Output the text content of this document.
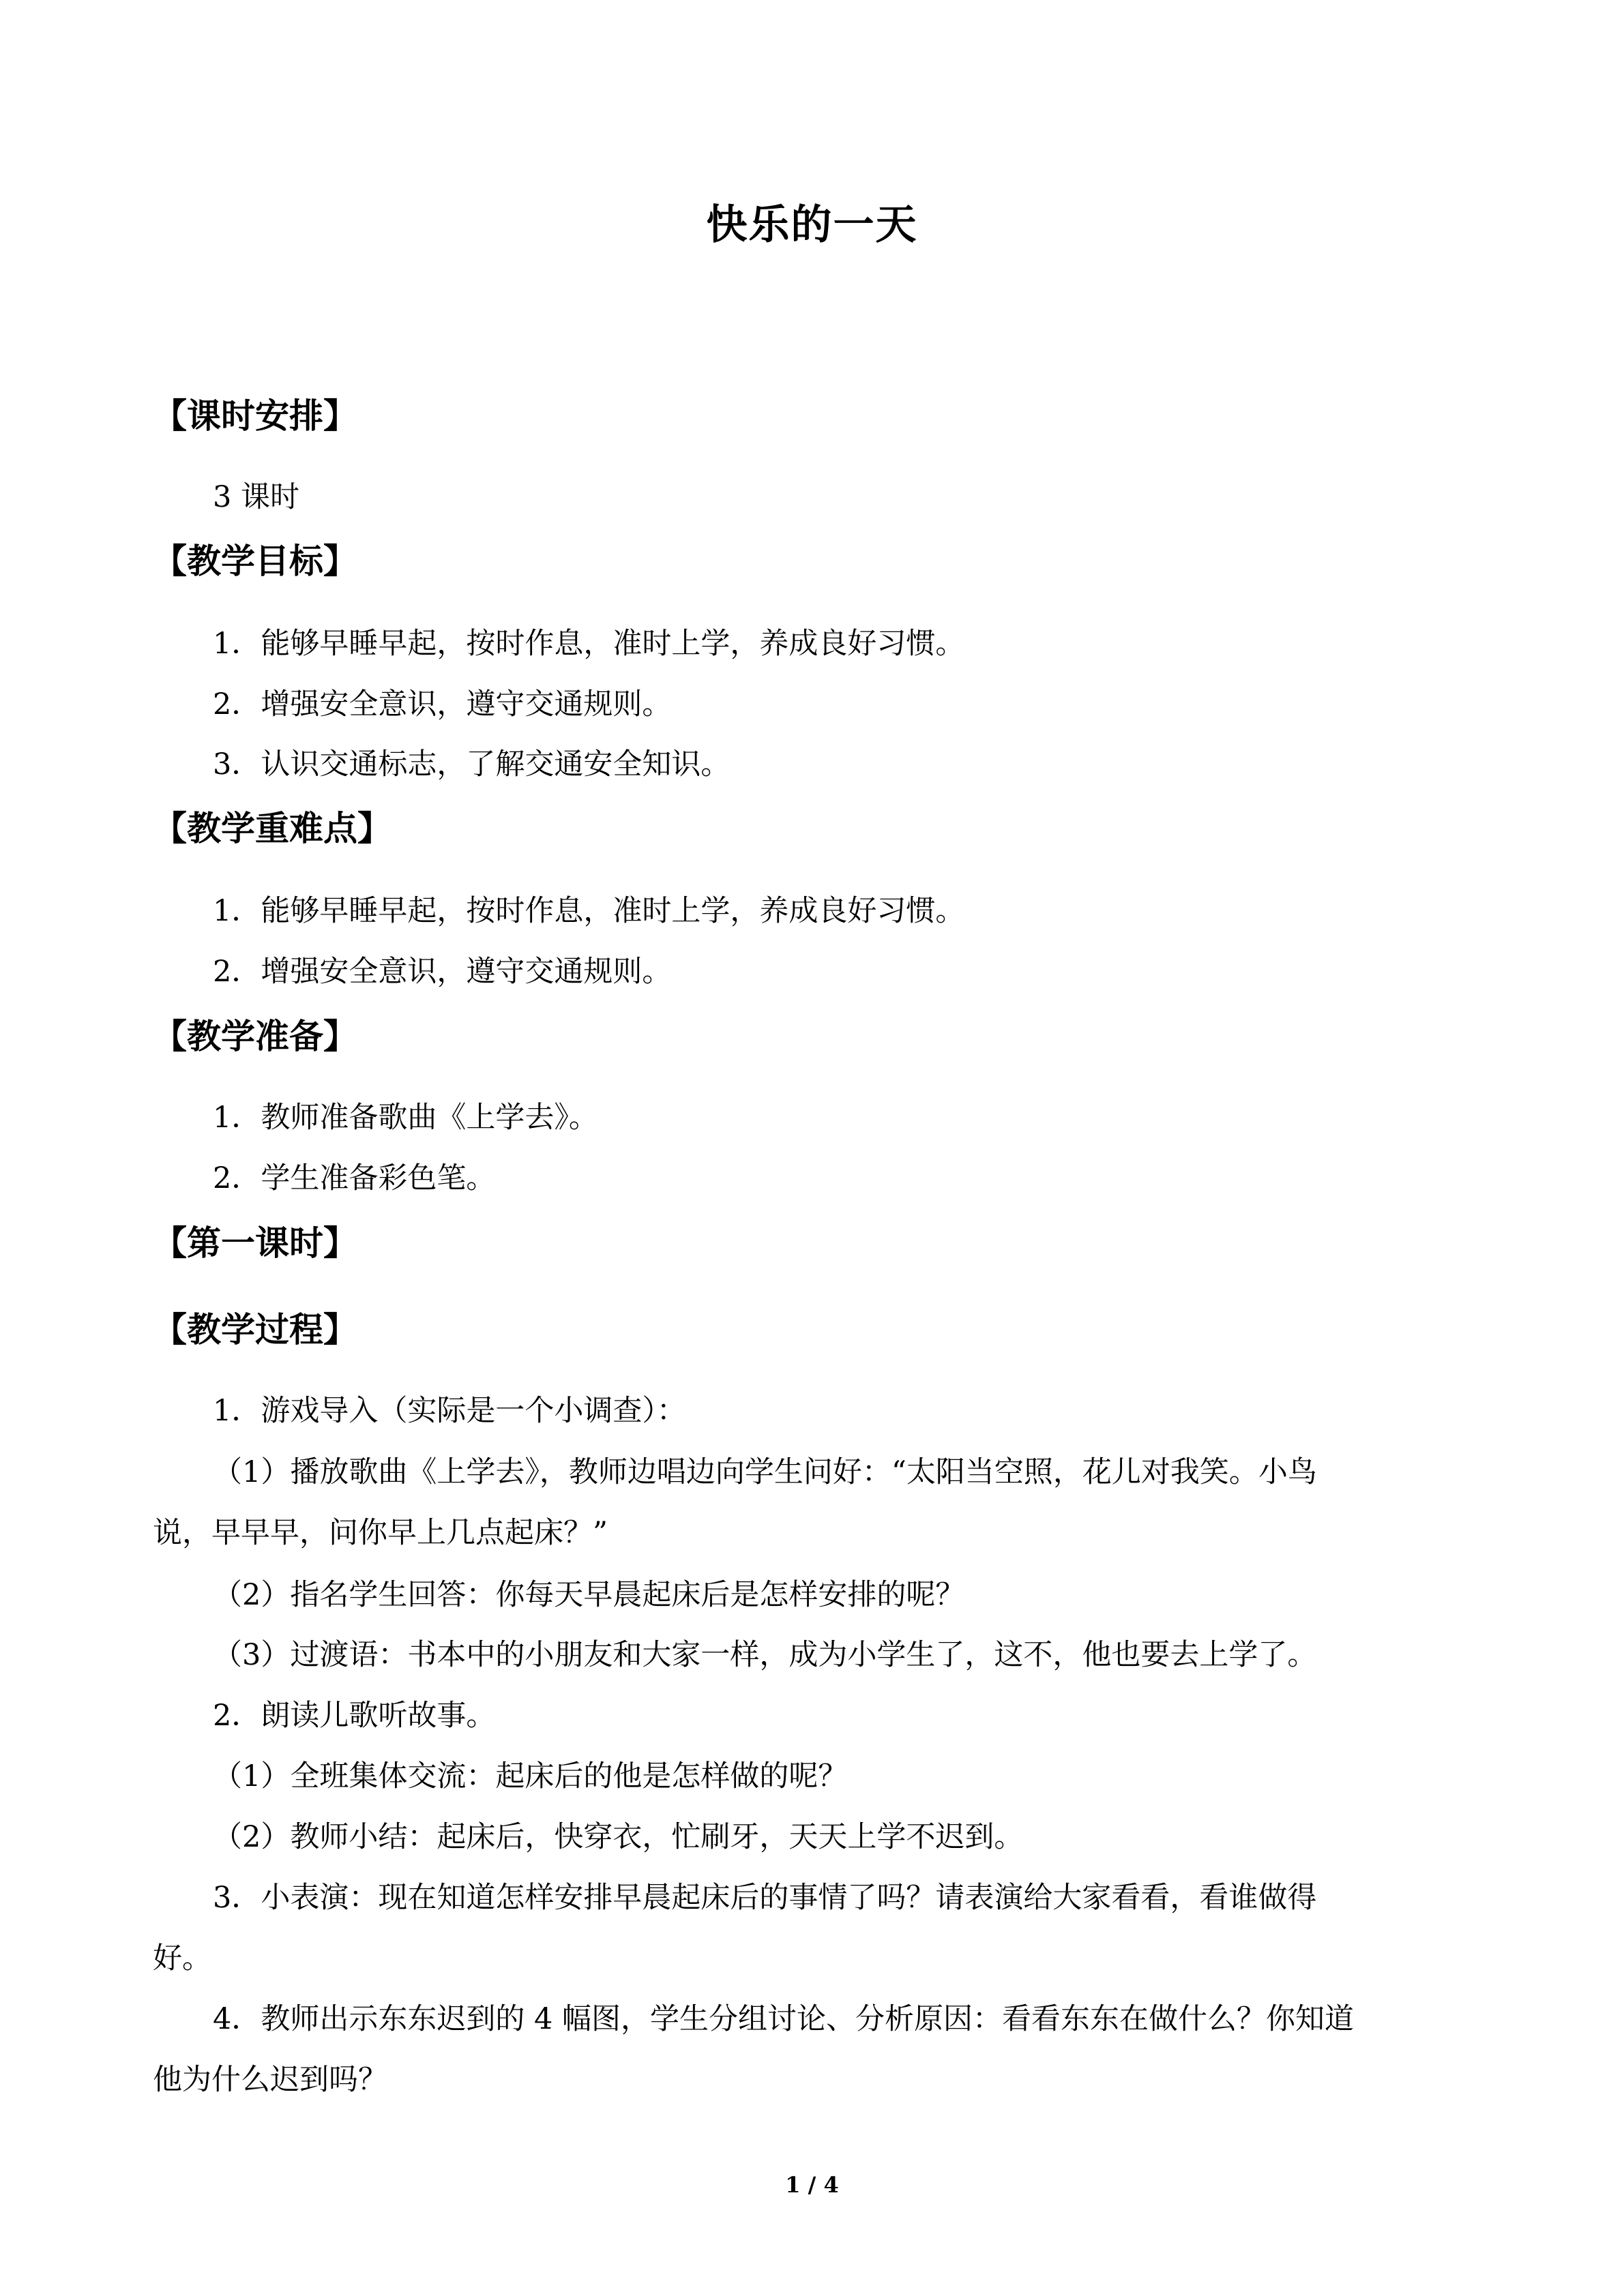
快乐的一天
【课时安排】
3 课时
【教学目标】
1．能够早睡早起，按时作息，准时上学，养成良好习惯。
2．增强安全意识，遵守交通规则。
3．认识交通标志，了解交通安全知识。
【教学重难点】
1．能够早睡早起，按时作息，准时上学，养成良好习惯。
2．增强安全意识，遵守交通规则。
【教学准备】
1．教师准备歌曲《上学去》。
2．学生准备彩色笔。
【第一课时】
【教学过程】
1．游戏导入（实际是一个小调查）：
（1）播放歌曲《上学去》，教师边唱边向学生问好：“太阳当空照，花儿对我笑。小鸟
说，早早早，问你早上几点起床？”
（2）指名学生回答：你每天早晨起床后是怎样安排的呢？
（3）过渡语：书本中的小朋友和大家一样，成为小学生了，这不，他也要去上学了。
2．朗读儿歌听故事。
（1）全班集体交流：起床后的他是怎样做的呢？
（2）教师小结：起床后，快穿衣，忙刷牙，天天上学不迟到。
3．小表演：现在知道怎样安排早晨起床后的事情了吗？请表演给大家看看，看谁做得
好。
4．教师出示东东迟到的 4 幅图，学生分组讨论、分析原因：看看东东在做什么？你知道
他为什么迟到吗？
1 / 4
